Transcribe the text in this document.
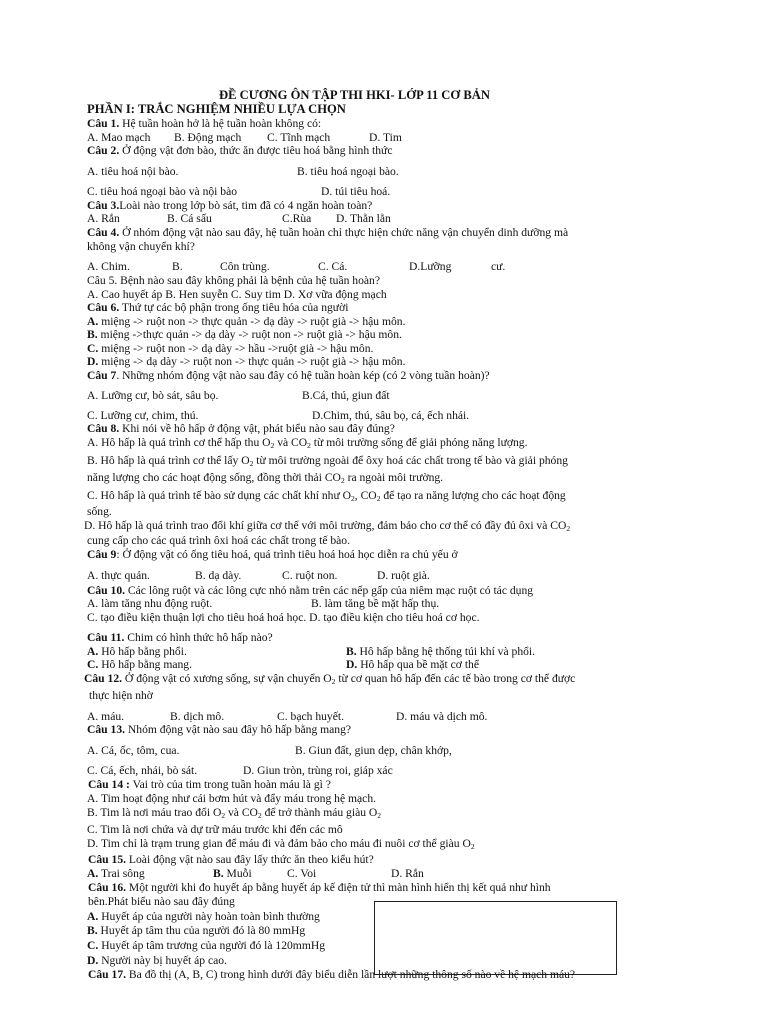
ĐỀ CƯƠNG ÔN TẬP THI HKI- LỚP 11 CƠ BẢN
PHẦN I: TRẮC NGHIỆM NHIỀU LỰA CHỌN
Câu 1. Hệ tuần hoàn hở là hệ tuần hoàn không có:
A. Mao mạch B. Động mạch C. Tĩnh mạch	D. Tim
Câu 2. Ở động vật đơn bào, thức ăn được tiêu hoá bằng hình thức
A. tiêu hoá nội bào.	B. tiêu hoá ngoại bào.
C. tiêu hoá ngoại bào và nội bào	D. túi tiêu hoá.
Câu 3.Loài nào trong lớp bò sát, tim đã có 4 ngăn hoàn toàn?
A. Rắn	B. Cá sấu	C.Rùa D. Thằn lằn
Câu 4. Ở nhóm động vật nào sau đây, hệ tuần hoàn chỉ thực hiện chức năng vận chuyển dinh dưỡng mà
không vận chuyển khí?
A. Chim.	B.	Côn trùng.	C. Cá.	D.Lưỡng	cư.
Câu 5. Bệnh nào sau đây không phải là bệnh của hệ tuần hoàn?
A. Cao huyết áp B. Hen suyễn C. Suy tim D. Xơ vữa động mạch
Câu 6. Thứ tự các bộ phận trong ống tiêu hóa của người
A. miệng -> ruột non -> thực quản -> dạ dày -> ruột già -> hậu môn.
B. miệng ->thực quản -> dạ dày -> ruột non -> ruột già -> hậu môn.
C. miệng -> ruột non -> dạ dày -> hầu ->ruột già -> hậu môn.
D. miệng -> dạ dày -> ruột non -> thực quản -> ruột già -> hậu môn.
Câu 7. Những nhóm động vật nào sau đây có hệ tuần hoàn kép (có 2 vòng tuần hoàn)?
A. Lưỡng cư, bò sát, sâu bọ.	B.Cá, thú, giun đất
C. Lưỡng cư, chim, thú.	D.Chim, thú, sâu bọ, cá, ếch nhái.
Câu 8. Khi nói về hô hấp ở động vật, phát biểu nào sau đây đúng?
A. Hô hấp là quá trình cơ thể hấp thu $O_2$ và $CO_2$ từ môi trường sống để giải phóng năng lượng.
B. Hô hấp là quá trình cơ thể lấy $O_2$ từ môi trường ngoài để ôxy hoá các chất trong tế bào và giải phóng
năng lượng cho các hoạt động sống, đồng thời thải $CO_2$ ra ngoài môi trường.
C. Hô hấp là quá trình tế bào sử dụng các chất khí như $O_2$, $CO_2$ để tạo ra năng lượng cho các hoạt động
sống.
D. Hô hấp là quá trình trao đổi khí giữa cơ thể với môi trường, đảm bảo cho cơ thể có đầy đủ ôxi và $CO_2$
cung cấp cho các quá trình ôxi hoá các chất trong tế bào.
Câu 9: Ở động vật có ống tiêu hoá, quá trình tiêu hoá hoá học diễn ra chủ yếu ở
A. thực quản.	B. dạ dày.	C. ruột non.	D. ruột già.
Câu 10. Các lông ruột và các lông cực nhỏ nằm trên các nếp gấp của niêm mạc ruột có tác dụng
A. làm tăng nhu động ruột.	B. làm tăng bề mặt hấp thụ.
C. tạo điều kiện thuận lợi cho tiêu hoá hoá học. D. tạo điều kiện cho tiêu hoá cơ học.
Câu 11. Chim có hình thức hô hấp nào?
A. Hô hấp bằng phổi.	B. Hô hấp bằng hệ thống túi khí và phổi.
C. Hô hấp bằng mang.	D. Hô hấp qua bề mặt cơ thể
Câu 12. Ở động vật có xương sống, sự vận chuyển $O_2$ từ cơ quan hô hấp đến các tế bào trong cơ thể được
thực hiện nhờ
A. máu.	B. dịch mô.	C. bạch huyết.	D. máu và dịch mô.
Câu 13. Nhóm động vật nào sau đây hô hấp bằng mang?
A. Cá, ốc, tôm, cua.	B. Giun đất, giun dẹp, chân khớp,
C. Cá, ếch, nhái, bò sát.	D. Giun tròn, trùng roi, giáp xác
Câu 14 : Vai trò của tim trong tuần hoàn máu là gì ?
A. Tim hoạt động như cái bơm hút và đẩy máu trong hệ mạch.
B. Tim là nơi máu trao đổi $O_2$ và $CO_2$ để trở thành máu giàu $O_2$
C. Tim là nơi chứa và dự trữ máu trước khi đến các mô
D. Tim chỉ là trạm trung gian để máu đi và đảm bảo cho máu đi nuôi cơ thể giàu $O_2$
Câu 15. Loài động vật nào sau đây lấy thức ăn theo kiểu hút?
A. Trai sông	B. Muỗi	C. Voi	D. Rắn
Câu 16. Một người khi đo huyết áp bằng huyết áp kế điện tử thì màn hình hiển thị kết quả như hình
bên.Phát biểu nào sau đây đúng
A. Huyết áp của người này hoàn toàn bình thường
B. Huyết áp tâm thu của người đó là 80 mmHg
C. Huyết áp tâm trương của người đó là 120mmHg
D. Người này bị huyết áp cao.
Câu 17. Ba đồ thị (A, B, C) trong hình dưới đây biểu diễn lần lượt những thông số nào về hệ mạch máu?
